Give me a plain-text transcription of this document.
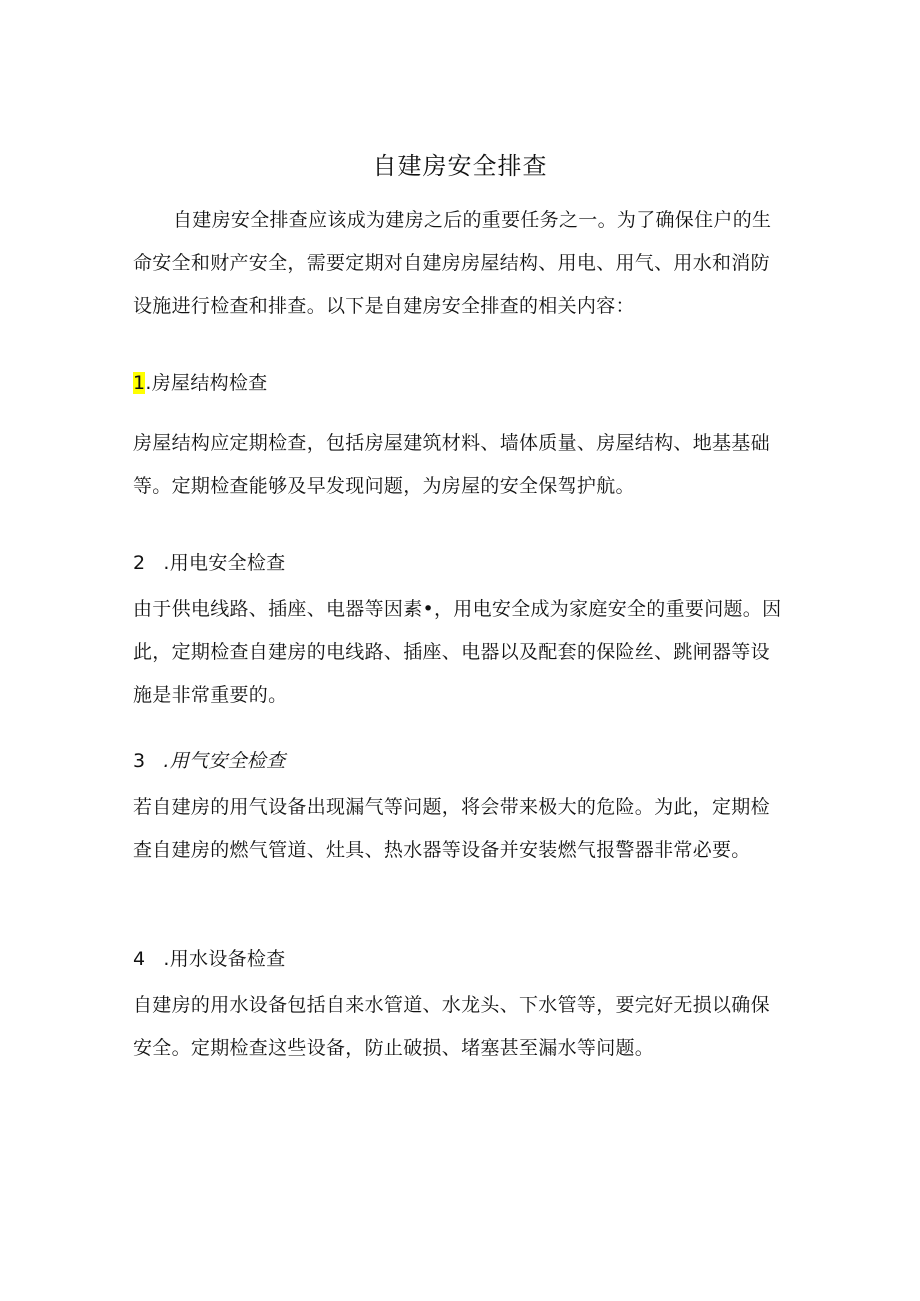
自建房安全排查

自建房安全排查应该成为建房之后的重要任务之一。为了确保住户的生命安全和财产安全，需要定期对自建房房屋结构、用电、用气、用水和消防设施进行检查和排查。以下是自建房安全排查的相关内容：

1.房屋结构检查

房屋结构应定期检查，包括房屋建筑材料、墙体质量、房屋结构、地基基础等。定期检查能够及早发现问题，为房屋的安全保驾护航。

2 .用电安全检查

由于供电线路、插座、电器等因素•，用电安全成为家庭安全的重要问题。因此，定期检查自建房的电线路、插座、电器以及配套的保险丝、跳闸器等设施是非常重要的。

3 .用气安全检查

若自建房的用气设备出现漏气等问题，将会带来极大的危险。为此，定期检查自建房的燃气管道、灶具、热水器等设备并安装燃气报警器非常必要。

4 .用水设备检查

自建房的用水设备包括自来水管道、水龙头、下水管等，要完好无损以确保安全。定期检查这些设备，防止破损、堵塞甚至漏水等问题。
